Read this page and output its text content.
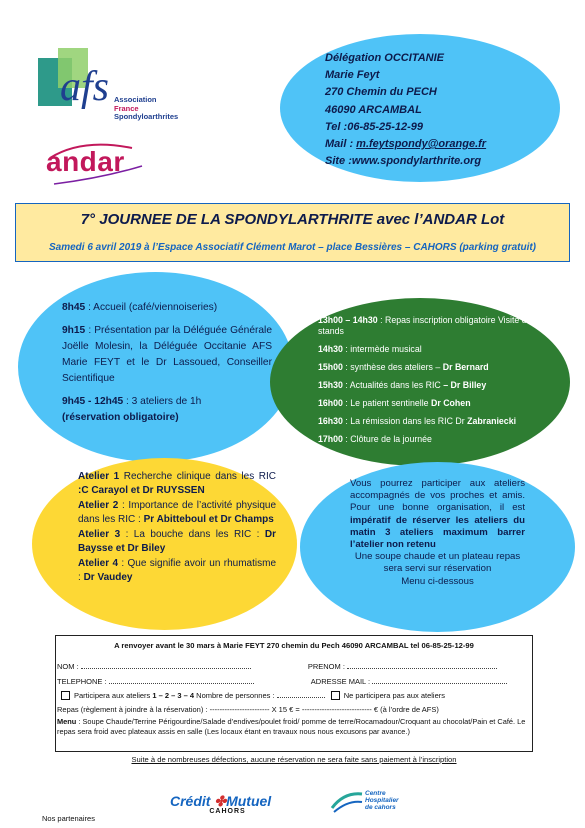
afs Association
France
Spondyloarthrites
andar
Délégation OCCITANIE
Marie Feyt
270 Chemin du PECH
46090 ARCAMBAL
Tel :06-85-25-12-99
Mail : m.feytspondy@orange.fr
Site :www.spondylarthrite.org
7° JOURNEE DE LA SPONDYLARTHRITE avec l’ANDAR Lot
Samedi 6 avril 2019 à l’Espace Associatif Clément Marot – place Bessières – CAHORS (parking gratuit)

8h45 : Accueil (café/viennoiseries)

9h15 : Présentation par la Déléguée Générale Joëlle Molesin, la Déléguée Occitanie AFS Marie FEYT et le Dr Lassoued, Conseiller Scientifique

9h45 - 12h45 : 3 ateliers de 1h
(réservation obligatoire)

13h00 – 14h30 : Repas inscription obligatoire Visite des stands

14h30 : intermède musical

15h00 : synthèse des ateliers – Dr Bernard

15h30 : Actualités dans les RIC – Dr Billey

16h00 : Le patient sentinelle Dr Cohen

16h30 : La rémission dans les RIC Dr Zabraniecki

17h00 : Clôture de la journée

Atelier 1 Recherche clinique dans les RIC :C Carayol et Dr RUYSSEN

Atelier 2 : Importance de l’activité physique dans les RIC : Pr Abitteboul et Dr Champs

Atelier 3 : La bouche dans les RIC : Dr Baysse et Dr Biley

Atelier 4 : Que signifie avoir un rhumatisme : Dr Vaudey

Vous pourrez participer aux ateliers accompagnés de vos proches et amis. Pour une bonne organisation, il est impératif de réserver les ateliers du matin 3 ateliers maximum barrer l’atelier non retenu
Une soupe chaude et un plateau repas sera servi sur réservation
Menu ci-dessous
A renvoyer avant le 30 mars à Marie FEYT 270 chemin du Pech 46090 ARCAMBAL tel 06-85-25-12-99
NOM :	PRENOM :
TELEPHONE :	ADRESSE MAIL :
Participera aux ateliers 1 – 2 – 3 – 4 Nombre de personnes :	Ne participera pas aux ateliers
Repas (règlement à joindre à la réservation) : ------------------------ X 15 € = ---------------------------- € (à l’ordre de AFS)
Menu : Soupe Chaude/Terrine Périgourdine/Salade d’endives/poulet froid/ pomme de terre/Rocamadour/Croquant au chocolat/Pain et Café. Le repas sera froid avec plateaux assis en salle (Les locaux étant en travaux nous nous excusons par avance.)
Suite à de nombreuses défections, aucune réservation ne sera faite sans paiement à l’inscription
Crédit ✤Mutuel
CAHORS
Centre
Hospitalier
de cahors
Nos partenaires
